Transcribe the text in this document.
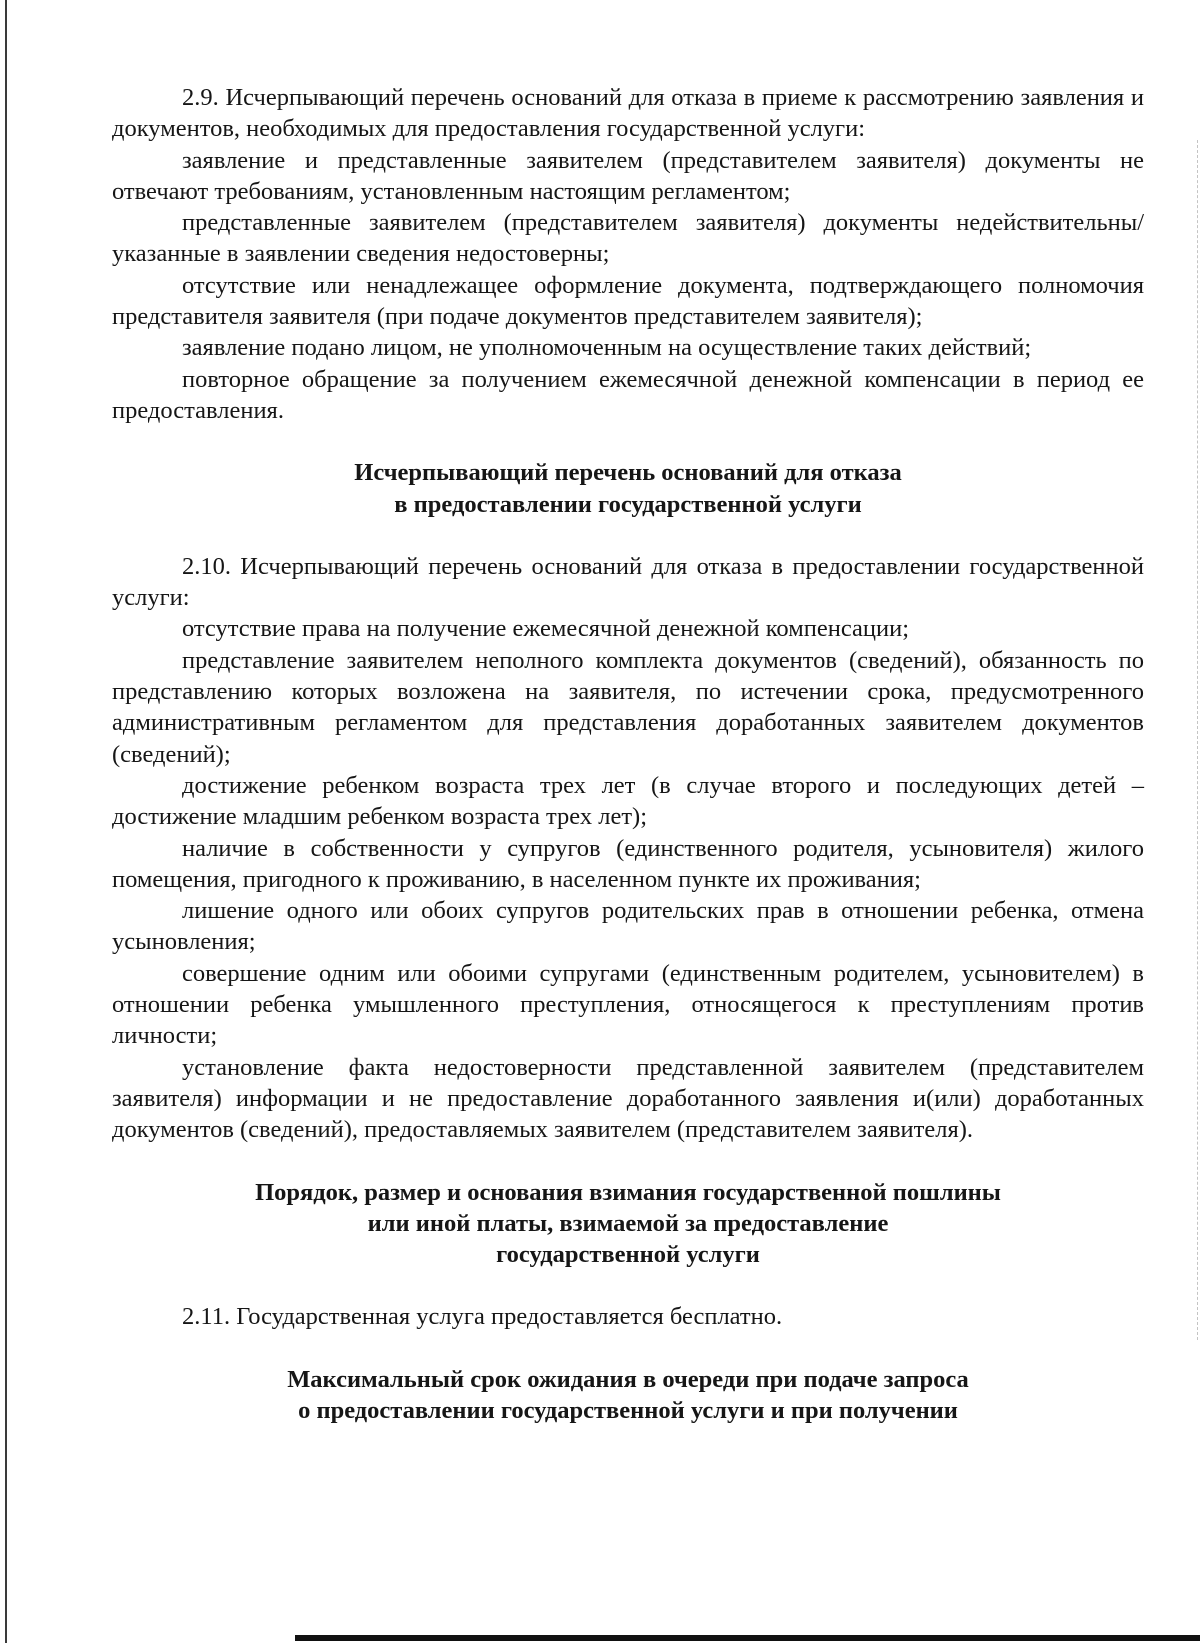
2.9. Исчерпывающий перечень оснований для отказа в приеме к рассмотрению заявления и документов, необходимых для предоставления государственной услуги:

заявление и представленные заявителем (представителем заявителя) документы не отвечают требованиям, установленным настоящим регламентом;

представленные заявителем (представителем заявителя) документы недействительны/указанные в заявлении сведения недостоверны;

отсутствие или ненадлежащее оформление документа, подтверждающего полномочия представителя заявителя (при подаче документов представителем заявителя);

заявление подано лицом, не уполномоченным на осуществление таких действий;

повторное обращение за получением ежемесячной денежной компенсации в период ее предоставления.

Исчерпывающий перечень оснований для отказа
в предоставлении государственной услуги

2.10. Исчерпывающий перечень оснований для отказа в предоставлении государственной услуги:

отсутствие права на получение ежемесячной денежной компенсации;

представление заявителем неполного комплекта документов (сведений), обязанность по представлению которых возложена на заявителя, по истечении срока, предусмотренного административным регламентом для представления доработанных заявителем документов (сведений);

достижение ребенком возраста трех лет (в случае второго и последующих детей – достижение младшим ребенком возраста трех лет);

наличие в собственности у супругов (единственного родителя, усыновителя) жилого помещения, пригодного к проживанию, в населенном пункте их проживания;

лишение одного или обоих супругов родительских прав в отношении ребенка, отмена усыновления;

совершение одним или обоими супругами (единственным родителем, усыновителем) в отношении ребенка умышленного преступления, относящегося к преступлениям против личности;

установление факта недостоверности представленной заявителем (представителем заявителя) информации и не предоставление доработанного заявления и(или) доработанных документов (сведений), предоставляемых заявителем (представителем заявителя).

Порядок, размер и основания взимания государственной пошлины
или иной платы, взимаемой за предоставление
государственной услуги

2.11. Государственная услуга предоставляется бесплатно.

Максимальный срок ожидания в очереди при подаче запроса
о предоставлении государственной услуги и при получении
